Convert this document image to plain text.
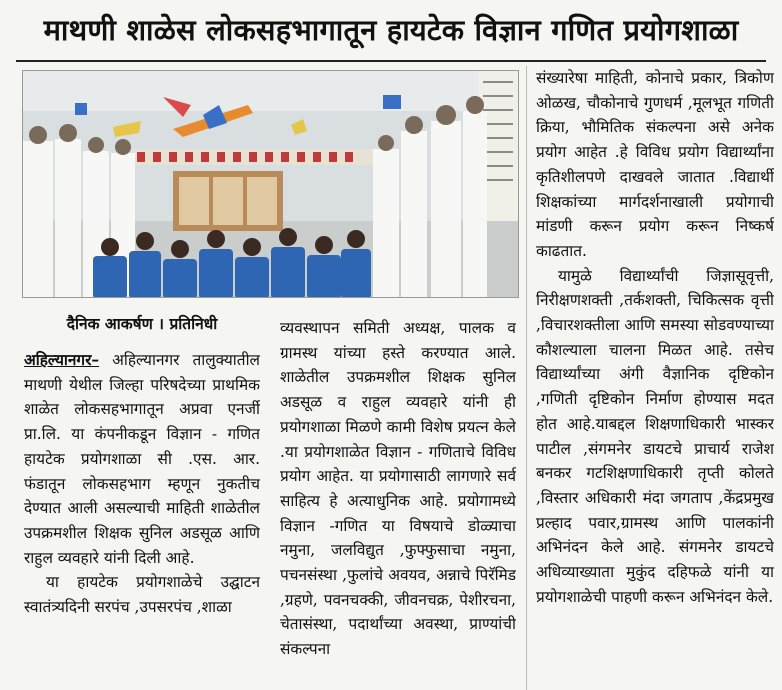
माथणी शाळेस लोकसहभागातून हायटेक विज्ञान गणित प्रयोगशाळा
दैनिक आकर्षण । प्रतिनिधी

अहिल्यानगर– अहिल्यानगर तालुक्यातील माथणी येथील जिल्हा परिषदेच्या प्राथमिक शाळेत लोकसहभागातून अप्रवा एनर्जी प्रा.लि. या कंपनीकडून विज्ञान - गणित हायटेक प्रयोगशाळा सी .एस. आर. फंडातून लोकसहभाग म्हणून नुकतीच देण्यात आली असल्याची माहिती शाळेतील उपक्रमशील शिक्षक सुनिल अडसूळ आणि राहुल व्यवहारे यांनी दिली आहे.

या हायटेक प्रयोगशाळेचे उद्घाटन स्वातंत्र्यदिनी सरपंच ,उपसरपंच ,शाळा

व्यवस्थापन समिती अध्यक्ष, पालक व ग्रामस्थ यांच्या हस्ते करण्यात आले. शाळेतील उपक्रमशील शिक्षक सुनिल अडसूळ व राहुल व्यवहारे यांनी ही प्रयोगशाळा मिळणे कामी विशेष प्रयत्न केले .या प्रयोगशाळेत विज्ञान - गणिताचे विविध प्रयोग आहेत. या प्रयोगासाठी लागणारे सर्व साहित्य हे अत्याधुनिक आहे. प्रयोगामध्ये विज्ञान -गणित या विषयाचे डोळ्याचा नमुना, जलविद्युत ,फुफ्फुसाचा नमुना, पचनसंस्था ,फुलांचे अवयव, अन्नाचे पिरॅमिड ,ग्रहणे, पवनचक्की, जीवनचक्र, पेशीरचना, चेतासंस्था, पदार्थांच्या अवस्था, प्राण्यांची संकल्पना

संख्यारेषा माहिती, कोनाचे प्रकार, त्रिकोण ओळख, चौकोनाचे गुणधर्म ,मूलभूत गणिती क्रिया, भौमितिक संकल्पना असे अनेक प्रयोग आहेत .हे विविध प्रयोग विद्यार्थ्यांना कृतिशीलपणे दाखवले जातात .विद्यार्थी शिक्षकांच्या मार्गदर्शनाखाली प्रयोगाची मांडणी करून प्रयोग करून निष्कर्ष काढतात.

यामुळे विद्यार्थ्यांची जिज्ञासूवृत्ती, निरीक्षणशक्ती ,तर्कशक्ती, चिकित्सक वृत्ती ,विचारशक्तीला आणि समस्या सोडवण्याच्या कौशल्याला चालना मिळत आहे. तसेच विद्यार्थ्यांच्या अंगी वैज्ञानिक दृष्टिकोन ,गणिती दृष्टिकोन निर्माण होण्यास मदत होत आहे.याबद्दल शिक्षणाधिकारी भास्कर पाटील ,संगमनेर डायटचे प्राचार्य राजेश बनकर गटशिक्षणाधिकारी तृप्ती कोलते ,विस्तार अधिकारी मंदा जगताप ,केंद्रप्रमुख प्रल्हाद पवार,ग्रामस्थ आणि पालकांनी अभिनंदन केले आहे. संगमनेर डायटचे अधिव्याख्याता मुकुंद दहिफळे यांनी या प्रयोगशाळेची पाहणी करून अभिनंदन केले.
